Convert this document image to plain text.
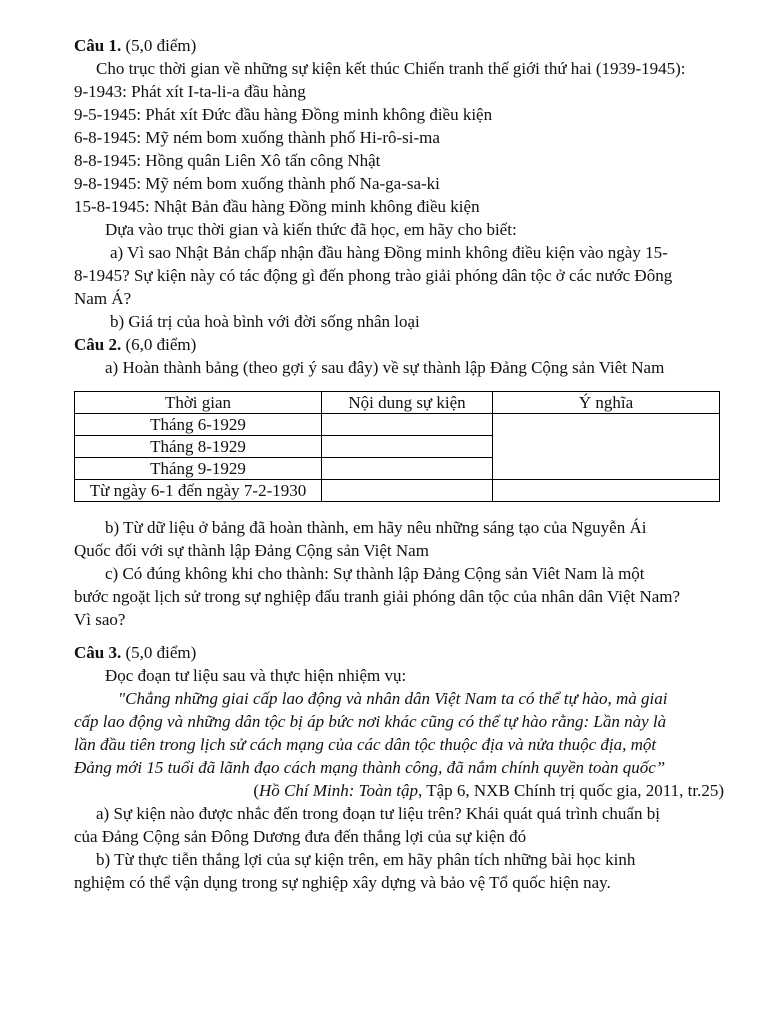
Câu 1. (5,0 điểm)
Cho trục thời gian về những sự kiện kết thúc Chiến tranh thế giới thứ hai (1939-1945):
9-1943: Phát xít I-ta-li-a đầu hàng
9-5-1945: Phát xít Đức đầu hàng Đồng minh không điều kiện
6-8-1945: Mỹ ném bom xuống thành phố Hi-rô-si-ma
8-8-1945: Hồng quân Liên Xô tấn công Nhật
9-8-1945: Mỹ ném bom xuống thành phố Na-ga-sa-ki
15-8-1945: Nhật Bản đầu hàng Đồng minh không điều kiện
Dựa vào trục thời gian và kiến thức đã học, em hãy cho biết:
a) Vì sao Nhật Bản chấp nhận đầu hàng Đồng minh không điều kiện vào ngày 15-
8-1945? Sự kiện này có tác động gì đến phong trào giải phóng dân tộc ở các nước Đông
Nam Á?
b) Giá trị của hoà bình với đời sống nhân loại
Câu 2. (6,0 điểm)
a) Hoàn thành bảng (theo gợi ý sau đây) về sự thành lập Đảng Cộng sản Viêt Nam
Thời gian	Nội dung sự kiện	Ý nghĩa
Tháng 6-1929		
Tháng 8-1929		
Tháng 9-1929		
Từ ngày 6-1 đến ngày 7-2-1930		
b) Từ dữ liệu ở bảng đã hoàn thành, em hãy nêu những sáng tạo của Nguyễn Ái
Quốc đối với sự thành lập Đảng Cộng sản Việt Nam
c) Có đúng không khi cho thành: Sự thành lập Đảng Cộng sản Viêt Nam là một
bước ngoặt lịch sử trong sự nghiệp đấu tranh giải phóng dân tộc của nhân dân Việt Nam?
Vì sao?
Câu 3. (5,0 điểm)
Đọc đoạn tư liệu sau và thực hiện nhiệm vụ:
"Chẳng những giai cấp lao động và nhân dân Việt Nam ta có thể tự hào, mà giai
cấp lao động và những dân tộc bị áp bức nơi khác cũng có thể tự hào rằng: Lần này là
lần đầu tiên trong lịch sử cách mạng của các dân tộc thuộc địa và nửa thuộc địa, một
Đảng mới 15 tuổi đã lãnh đạo cách mạng thành công, đã nắm chính quyền toàn quốc”
(Hồ Chí Minh: Toàn tập, Tập 6, NXB Chính trị quốc gia, 2011, tr.25)
a) Sự kiện nào được nhắc đến trong đoạn tư liệu trên? Khái quát quá trình chuẩn bị
của Đảng Cộng sản Đông Dương đưa đến thắng lợi của sự kiện đó
b) Từ thực tiễn thắng lợi của sự kiện trên, em hãy phân tích những bài học kinh
nghiệm có thể vận dụng trong sự nghiệp xây dựng và bảo vệ Tổ quốc hiện nay.
